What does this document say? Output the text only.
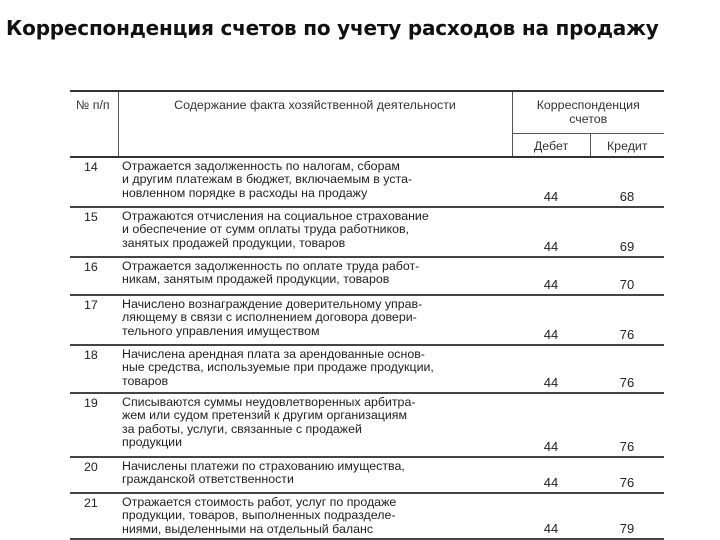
Корреспонденция счетов по учету расходов на продажу
№ п/п	Содержание факта хозяйственной деятельности	Корреспонденция
счетов	

		Дебет	Кредит
14	Отражается задолженность по налогам, сборам
и другим платежам в бюджет, включаемым в уста-
новленном порядке в расходы на продажу	44	68
15	Отражаются отчисления на социальное страхование
и обеспечение от сумм оплаты труда работников,
занятых продажей продукции, товаров	44	69
16	Отражается задолженность по оплате труда работ-
никам, занятым продажей продукции, товаров	44	70
17	Начислено вознаграждение доверительному управ-
ляющему в связи с исполнением договора довери-
тельного управления имуществом	44	76
18	Начислена арендная плата за арендованные основ-
ные средства, используемые при продаже продукции,
товаров	44	76
19	Списываются суммы неудовлетворенных арбитра-
жем или судом претензий к другим организациям
за работы, услуги, связанные с продажей
продукции	44	76
20	Начислены платежи по страхованию имущества,
гражданской ответственности	44	76
21	Отражается стоимость работ, услуг по продаже
продукции, товаров, выполненных подразделе-
ниями, выделенными на отдельный баланс	44	79
